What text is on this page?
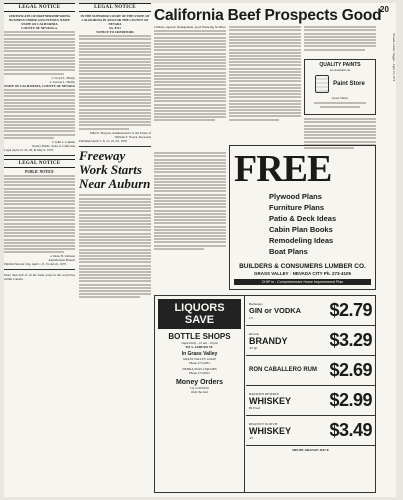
LEGAL NOTICE
CERTIFICATE OF PARTNERSHIP DOING BUSINESS UNDER A FICTITIOUS NAME STATE OF CALIFORNIA
COUNTY OF NEVADA ss.
s/ Lloyd L. Haddy
s/ Lavone L. Haddy
STATE OF CALIFORNIA, COUNTY OF NEVADA
s/ John L. Lamme
Notary Public, State of California
Legal April 15, 22, 29, & May 6, 1970
LEGAL NOTICE
PUBLIC NOTICE
s/ Dean H. Johnson
Adjudication Branch
Publish Nevada City, April 1, 8, 15 and 22, 1970
More than half of all the fresh water in the world lies within Canada.
LEGAL NOTICE
IN THE SUPERIOR COURT OF THE STATE OF CALIFORNIA IN AND FOR THE COUNTY OF NEVADA
No. 8711
NOTICE TO CREDITORS
Ethel E. Hayson, Administratrix of the Estate of William T. Noack, Deceased
Published April 1, 8, 15, 22, 29, 1970
Freeway Work Starts Near Auburn
California Beef Prospects Good
20
Nevada County Nugget - April 15, 1970
Climate, superior management, good financing facilities
QUALITY PAINTS
are Available At
Paint Store
Grass Valley
FREE
Plywood Plans
Furniture Plans
Patio & Deck Ideas
Cabin Plan Books
Remodeling Ideas
Boat Plans
BUILDERS & CONSUMERS LUMBER CO.
GRASS VALLEY · NEVADA CITY Ph. 273-4105
CHIP in - Comprehensive Home Improvement Plan
LIQUORS SAVE
BOTTLE SHOPS
Open Daily - 10 am - 10 pm
991 S. AUBURN ST.
In Grass Valley
GRASS VALLEY 4-DAY
Phone 273-4661
SIERRA SEAS LIQUORS
Phone 273-0612
Money Orders
Up to $100.00
Only the best
Beefeaters
GIN or VODKA
1/5	$2.79
Ricardo
BRANDY
4/5 Qt.	$3.29
RON CABALLERO RUM $2.69
BARTON'S RESERVE
WHISKEY
86 Proof	$2.99
REGENCY SCOTCH
WHISKEY
4/5	$3.49
MELBE ORANGE JUICE
